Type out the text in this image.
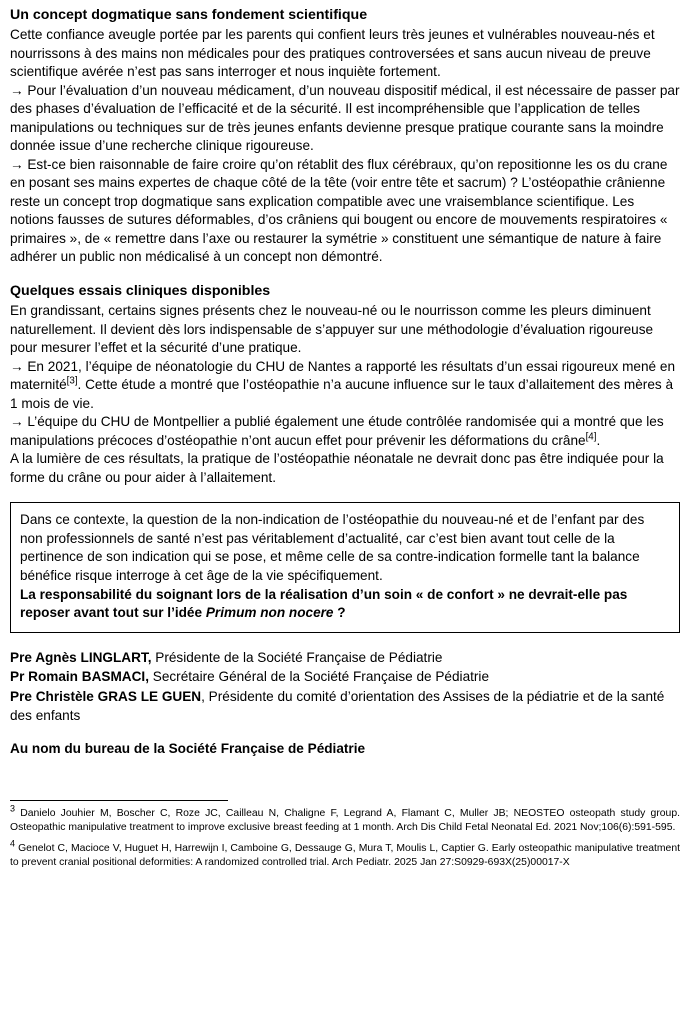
Un concept dogmatique sans fondement scientifique

Cette confiance aveugle portée par les parents qui confient leurs très jeunes et vulnérables nouveau-nés et nourrissons à des mains non médicales pour des pratiques controversées et sans aucun niveau de preuve scientifique avérée n’est pas sans interroger et nous inquiète fortement.

→ Pour l’évaluation d’un nouveau médicament, d’un nouveau dispositif médical, il est nécessaire de passer par des phases d’évaluation de l’efficacité et de la sécurité. Il est incompréhensible que l’application de telles manipulations ou techniques sur de très jeunes enfants devienne presque pratique courante sans la moindre donnée issue d’une recherche clinique rigoureuse.

→ Est-ce bien raisonnable de faire croire qu’on rétablit des flux cérébraux, qu’on repositionne les os du crane en posant ses mains expertes de chaque côté de la tête (voir entre tête et sacrum) ? L’ostéopathie crânienne reste un concept trop dogmatique sans explication compatible avec une vraisemblance scientifique. Les notions fausses de sutures déformables, d’os crâniens qui bougent ou encore de mouvements respiratoires « primaires », de « remettre dans l’axe ou restaurer la symétrie » constituent une sémantique de nature à faire adhérer un public non médicalisé à un concept non démontré.

Quelques essais cliniques disponibles

En grandissant, certains signes présents chez le nouveau-né ou le nourrisson comme les pleurs diminuent naturellement. Il devient dès lors indispensable de s’appuyer sur une méthodologie d’évaluation rigoureuse pour mesurer l’effet et la sécurité d’une pratique.

→ En 2021, l’équipe de néonatologie du CHU de Nantes a rapporté les résultats d’un essai rigoureux mené en maternité[3]. Cette étude a montré que l’ostéopathie n’a aucune influence sur le taux d’allaitement des mères à 1 mois de vie.

→ L’équipe du CHU de Montpellier a publié également une étude contrôlée randomisée qui a montré que les manipulations précoces d’ostéopathie n’ont aucun effet pour prévenir les déformations du crâne[4].

A la lumière de ces résultats, la pratique de l’ostéopathie néonatale ne devrait donc pas être indiquée pour la forme du crâne ou pour aider à l’allaitement.

Dans ce contexte, la question de la non-indication de l’ostéopathie du nouveau-né et de l’enfant par des non professionnels de santé n’est pas véritablement d’actualité, car c’est bien avant tout celle de la pertinence de son indication qui se pose, et même celle de sa contre-indication formelle tant la balance bénéfice risque interroge à cet âge de la vie spécifiquement.

La responsabilité du soignant lors de la réalisation d’un soin « de confort » ne devrait-elle pas reposer avant tout sur l’idée Primum non nocere ?

Pre Agnès LINGLART, Présidente de la Société Française de Pédiatrie

Pr Romain BASMACI, Secrétaire Général de la Société Française de Pédiatrie

Pre Christèle GRAS LE GUEN, Présidente du comité d’orientation des Assises de la pédiatrie et de la santé des enfants

Au nom du bureau de la Société Française de Pédiatrie

$^3$ Danielo Jouhier M, Boscher C, Roze JC, Cailleau N, Chaligne F, Legrand A, Flamant C, Muller JB; NEOSTEO osteopath study group. Osteopathic manipulative treatment to improve exclusive breast feeding at 1 month. Arch Dis Child Fetal Neonatal Ed. 2021 Nov;106(6):591-595.

$^4$ Genelot C, Macioce V, Huguet H, Harrewijn I, Camboine G, Dessauge G, Mura T, Moulis L, Captier G. Early osteopathic manipulative treatment to prevent cranial positional deformities: A randomized controlled trial. Arch Pediatr. 2025 Jan 27:S0929-693X(25)00017-X
